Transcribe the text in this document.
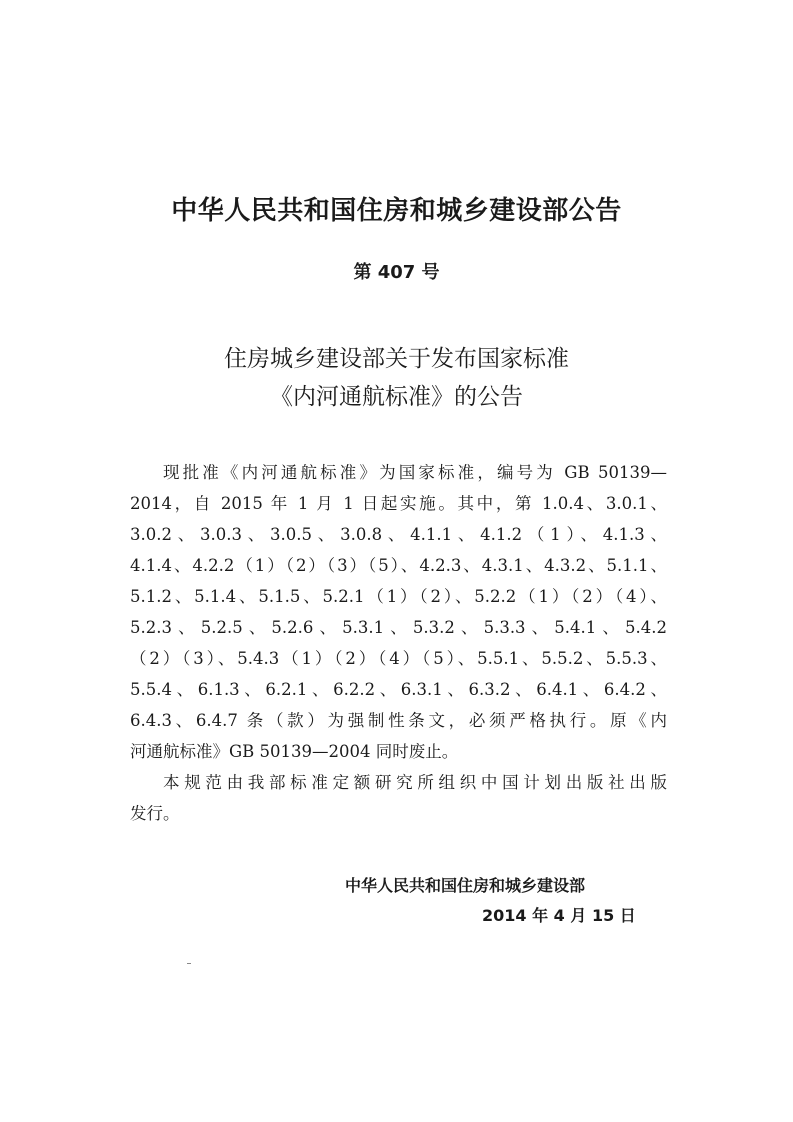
中华人民共和国住房和城乡建设部公告
第 407 号
住房城乡建设部关于发布国家标准
《内河通航标准》的公告
现批准《内河通航标准》为国家标准，编号为 GB 50139—
2014，自 2015 年 1 月 1 日起实施。其中，第 1.0.4、3.0.1、
3.0.2、3.0.3、3.0.5、3.0.8、4.1.1、4.1.2（1）、4.1.3、
4.1.4、4.2.2（1）（2）（3）（5）、4.2.3、4.3.1、4.3.2、5.1.1、
5.1.2、5.1.4、5.1.5、5.2.1（1）（2）、5.2.2（1）（2）（4）、
5.2.3、5.2.5、5.2.6、5.3.1、5.3.2、5.3.3、5.4.1、5.4.2
（2）（3）、5.4.3（1）（2）（4）（5）、5.5.1、5.5.2、5.5.3、
5.5.4、6.1.3、6.2.1、6.2.2、6.3.1、6.3.2、6.4.1、6.4.2、
6.4.3、6.4.7 条（款）为强制性条文，必须严格执行。原《内
河通航标准》GB 50139—2004 同时废止。
本规范由我部标准定额研究所组织中国计划出版社出版
发行。
中华人民共和国住房和城乡建设部
2014 年 4 月 15 日
